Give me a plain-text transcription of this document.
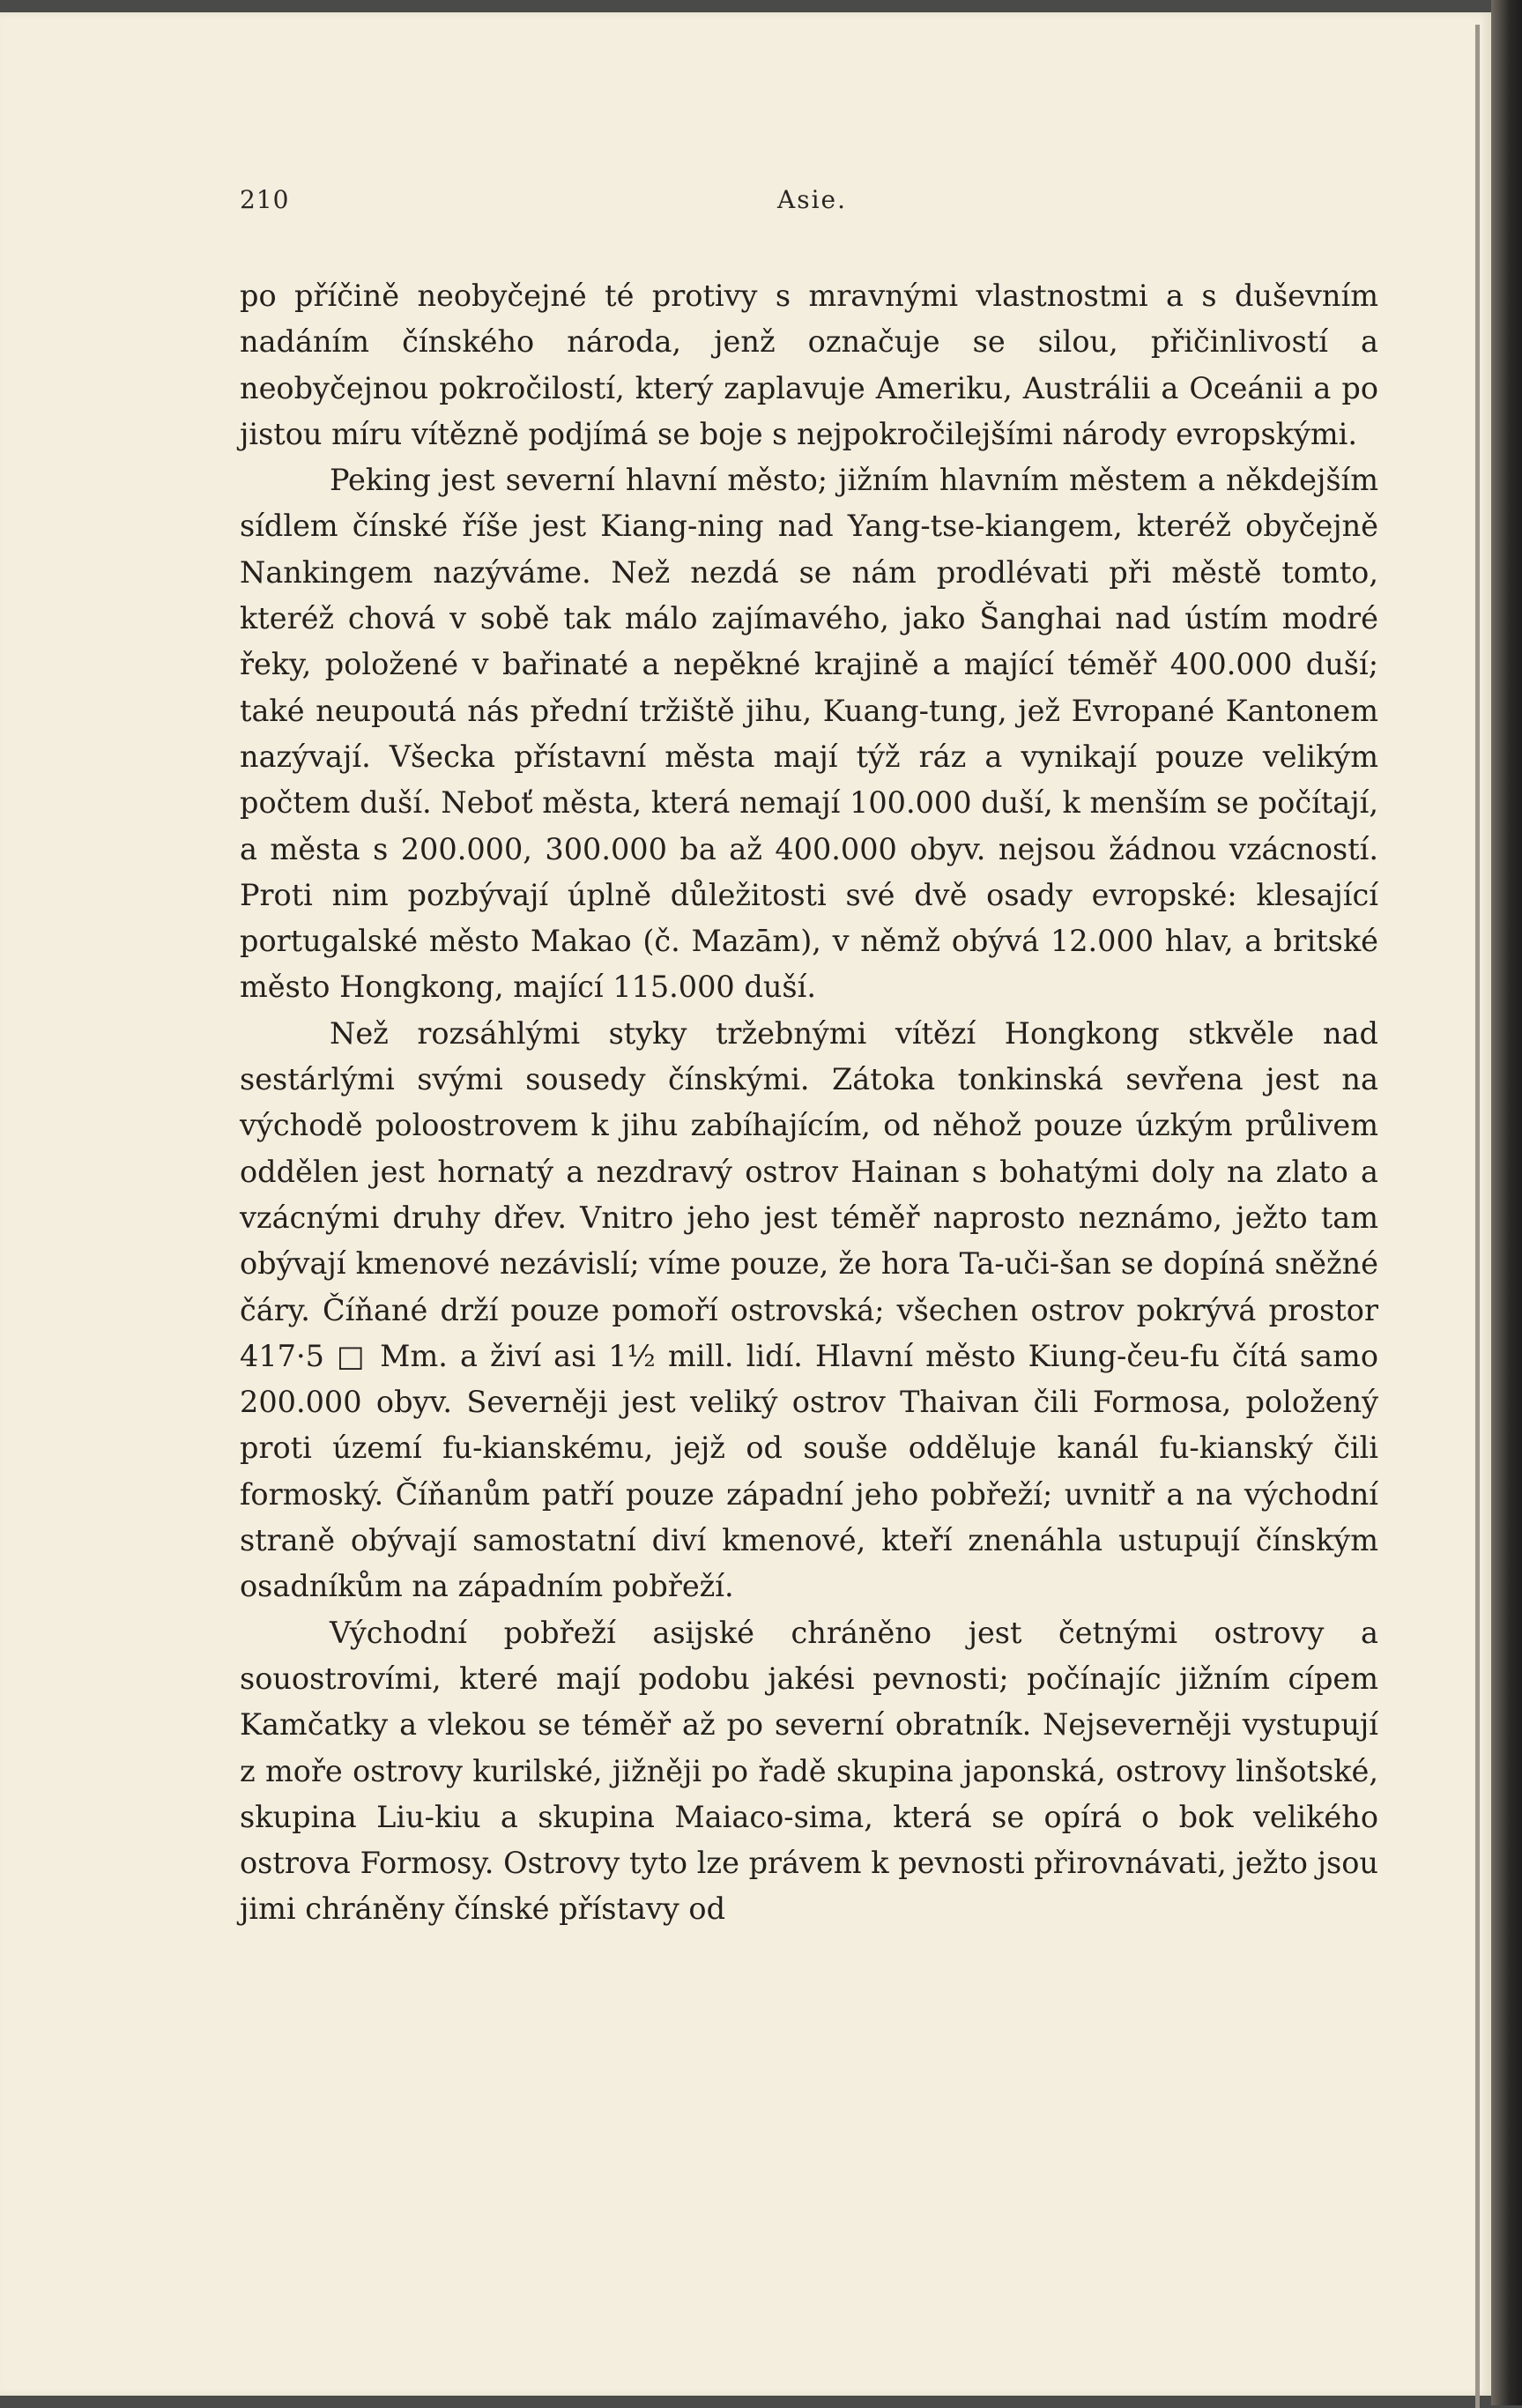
210	Asie.

po příčině neobyčejné té protivy s mravnými vlastnostmi a s duševním nadáním čínského národa, jenž označuje se silou, přičinlivostí a neobyčejnou pokročilostí, který zaplavuje Ameriku, Austrálii a Oceánii a po jistou míru vítězně podjímá se boje s nejpokročilejšími národy evropskými.

Peking jest severní hlavní město; jižním hlavním městem a někdejším sídlem čínské říše jest Kiang-ning nad Yang-tse-kiangem, kteréž obyčejně Nankingem nazýváme. Než nezdá se nám prodlévati při městě tomto, kteréž chová v sobě tak málo zajímavého, jako Šanghai nad ústím modré řeky, položené v bařinaté a nepěkné krajině a mající téměř 400.000 duší; také neupoutá nás přední tržiště jihu, Kuang-tung, jež Evropané Kantonem nazývají. Všecka přístavní města mají týž ráz a vynikají pouze velikým počtem duší. Neboť města, která nemají 100.000 duší, k menším se počítají, a města s 200.000, 300.000 ba až 400.000 obyv. nejsou žádnou vzácností. Proti nim pozbývají úplně důležitosti své dvě osady evropské: klesající portugalské město Makao (č. Mazām), v němž obývá 12.000 hlav, a britské město Hongkong, mající 115.000 duší.

Než rozsáhlými styky tržebnými vítězí Hongkong stkvěle nad sestárlými svými sousedy čínskými. Zátoka tonkinská sevřena jest na východě poloostrovem k jihu zabíhajícím, od něhož pouze úzkým průlivem oddělen jest hornatý a nezdravý ostrov Hainan s bohatými doly na zlato a vzácnými druhy dřev. Vnitro jeho jest téměř naprosto neznámo, ježto tam obývají kmenové nezávislí; víme pouze, že hora Ta-uči-šan se dopíná sněžné čáry. Číňané drží pouze pomoří ostrovská; všechen ostrov pokrývá prostor 417·5 □ Mm. a živí asi 1½ mill. lidí. Hlavní město Kiung-čeu-fu čítá samo 200.000 obyv. Severněji jest veliký ostrov Thaivan čili Formosa, položený proti území fu-kianskému, jejž od souše odděluje kanál fu-kianský čili formoský. Číňanům patří pouze západní jeho pobřeží; uvnitř a na východní straně obývají samostatní diví kmenové, kteří znenáhla ustupují čínským osadníkům na západním pobřeží.

Východní pobřeží asijské chráněno jest četnými ostrovy a souostrovími, které mají podobu jakési pevnosti; počínajíc jižním cípem Kamčatky a vlekou se téměř až po severní obratník. Nejseverněji vystupují z moře ostrovy kurilské, jižněji po řadě skupina japonská, ostrovy linšotské, skupina Liu-kiu a skupina Maiaco-sima, která se opírá o bok velikého ostrova Formosy. Ostrovy tyto lze právem k pevnosti přirovnávati, ježto jsou jimi chráněny čínské přístavy od
